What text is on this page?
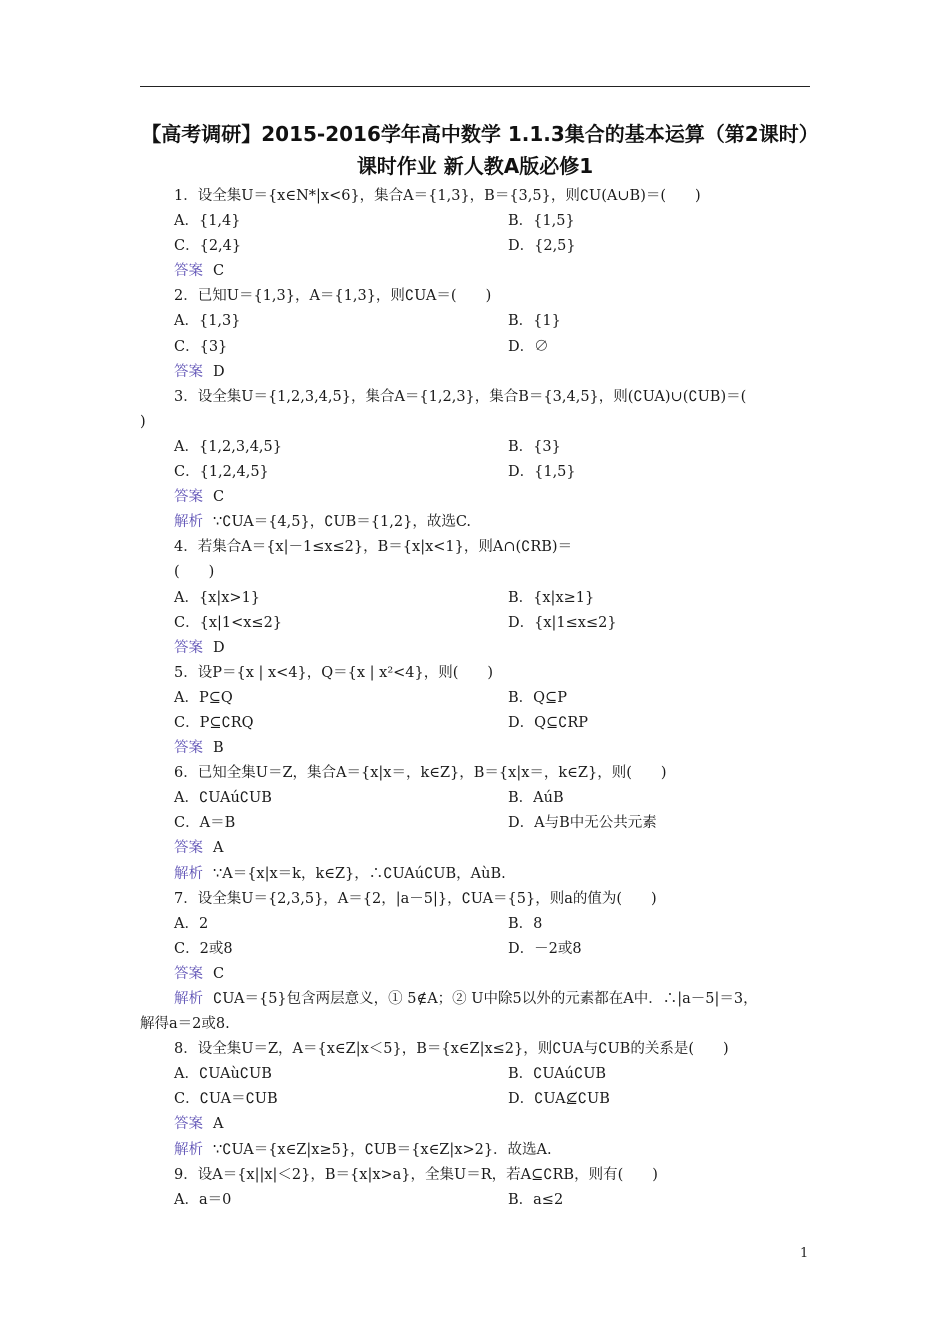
【高考调研】2015-2016学年高中数学 1.1.3集合的基本运算（第2课时）课时作业 新人教A版必修1
1．设全集U＝{x∈N*|x<6}，集合A＝{1,3}，B＝{3,5}，则∁U(A∪B)＝(　　)
A．{1,4}	B．{1,5}
C．{2,4}	D．{2,5}
答案 C
2．已知U＝{1,3}，A＝{1,3}，则∁UA＝(　　)
A．{1,3}	B．{1}
C．{3}	D．∅
答案 D
3．设全集U＝{1,2,3,4,5}，集合A＝{1,2,3}，集合B＝{3,4,5}，则(∁UA)∪(∁UB)＝(
)
A．{1,2,3,4,5}	B．{3}
C．{1,2,4,5}	D．{1,5}
答案 C
解析 ∵∁UA＝{4,5}，∁UB＝{1,2}，故选C.
4．若集合A＝{x|－1≤x≤2}，B＝{x|x<1}，则A∩(∁RB)＝
(　　)
A．{x|x>1}	B．{x|x≥1}
C．{x|1<x≤2}	D．{x|1≤x≤2}
答案 D
5．设P＝{x | x<4}，Q＝{x | x²<4}，则(　　)
A．P⊆Q	B．Q⊆P
C．P⊆∁RQ	D．Q⊆∁RP
答案 B
6．已知全集U＝Z，集合A＝{x|x＝，k∈Z}，B＝{x|x＝，k∈Z}，则(　　)
A．∁UAú∁UB	B．AúB
C．A＝B	D．A与B中无公共元素
答案 A
解析 ∵A＝{x|x＝k，k∈Z}，∴∁UAú∁UB，AùB.
7．设全集U＝{2,3,5}，A＝{2，|a－5|}，∁UA＝{5}，则a的值为(　　)
A．2	B．8
C．2或8	D．－2或8
答案 C
解析 ∁UA＝{5}包含两层意义，① 5∉A；② U中除5以外的元素都在A中．∴|a－5|＝3，
解得a＝2或8.
8．设全集U＝Z，A＝{x∈Z|x＜5}，B＝{x∈Z|x≤2}，则∁UA与∁UB的关系是(　　)
A．∁UAù∁UB	B．∁UAú∁UB
C．∁UA＝∁UB	D．∁UA⊈∁UB
答案 A
解析 ∵∁UA＝{x∈Z|x≥5}，∁UB＝{x∈Z|x>2}．故选A.
9．设A＝{x||x|＜2}，B＝{x|x>a}，全集U＝R，若A⊆∁RB，则有(　　)
A．a＝0	B．a≤2
1
